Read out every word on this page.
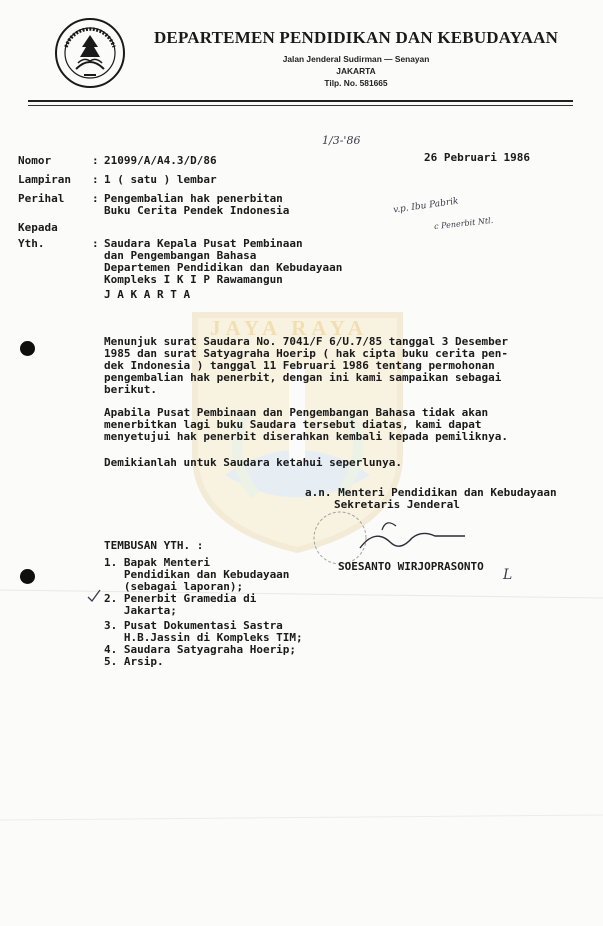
JAYA RAYA
DEPARTEMEN PENDIDIKAN DAN KEBUDAYAAN
Jalan Jenderal Sudirman — Senayan
JAKARTA
Tilp. No. 581665
1/3-'86
v.p. Ibu Pabrik
c Penerbit Ntl.
Nomor	: 21099/A/A4.3/D/86	26 Pebruari 1986
Lampiran : 1 ( satu ) lembar
Perihal	: Pengembalian hak penerbitan
Buku Cerita Pendek Indonesia
Kepada
Yth.	: Saudara Kepala Pusat Pembinaan
dan Pengembangan Bahasa
Departemen Pendidikan dan Kebudayaan
Kompleks I K I P Rawamangun
J A K A R T A
Menunjuk surat Saudara No. 7041/F 6/U.7/85 tanggal 3 Desember
1985 dan surat Satyagraha Hoerip ( hak cipta buku cerita pen-
dek Indonesia ) tanggal 11 Februari 1986 tentang permohonan
pengembalian hak penerbit, dengan ini kami sampaikan sebagai
berikut.
Apabila Pusat Pembinaan dan Pengembangan Bahasa tidak akan
menerbitkan lagi buku Saudara tersebut diatas, kami dapat
menyetujui hak penerbit diserahkan kembali kepada pemiliknya.
Demikianlah untuk Saudara ketahui seperlunya.
a.n. Menteri Pendidikan dan Kebudayaan
Sekretaris Jenderal
SOESANTO WIRJOPRASONTO
L
TEMBUSAN YTH. :
1. Bapak Menteri
Pendidikan dan Kebudayaan
(sebagai laporan);
2. Penerbit Gramedia di
Jakarta;
3. Pusat Dokumentasi Sastra
H.B.Jassin di Kompleks TIM;
4. Saudara Satyagraha Hoerip;
5. Arsip.
